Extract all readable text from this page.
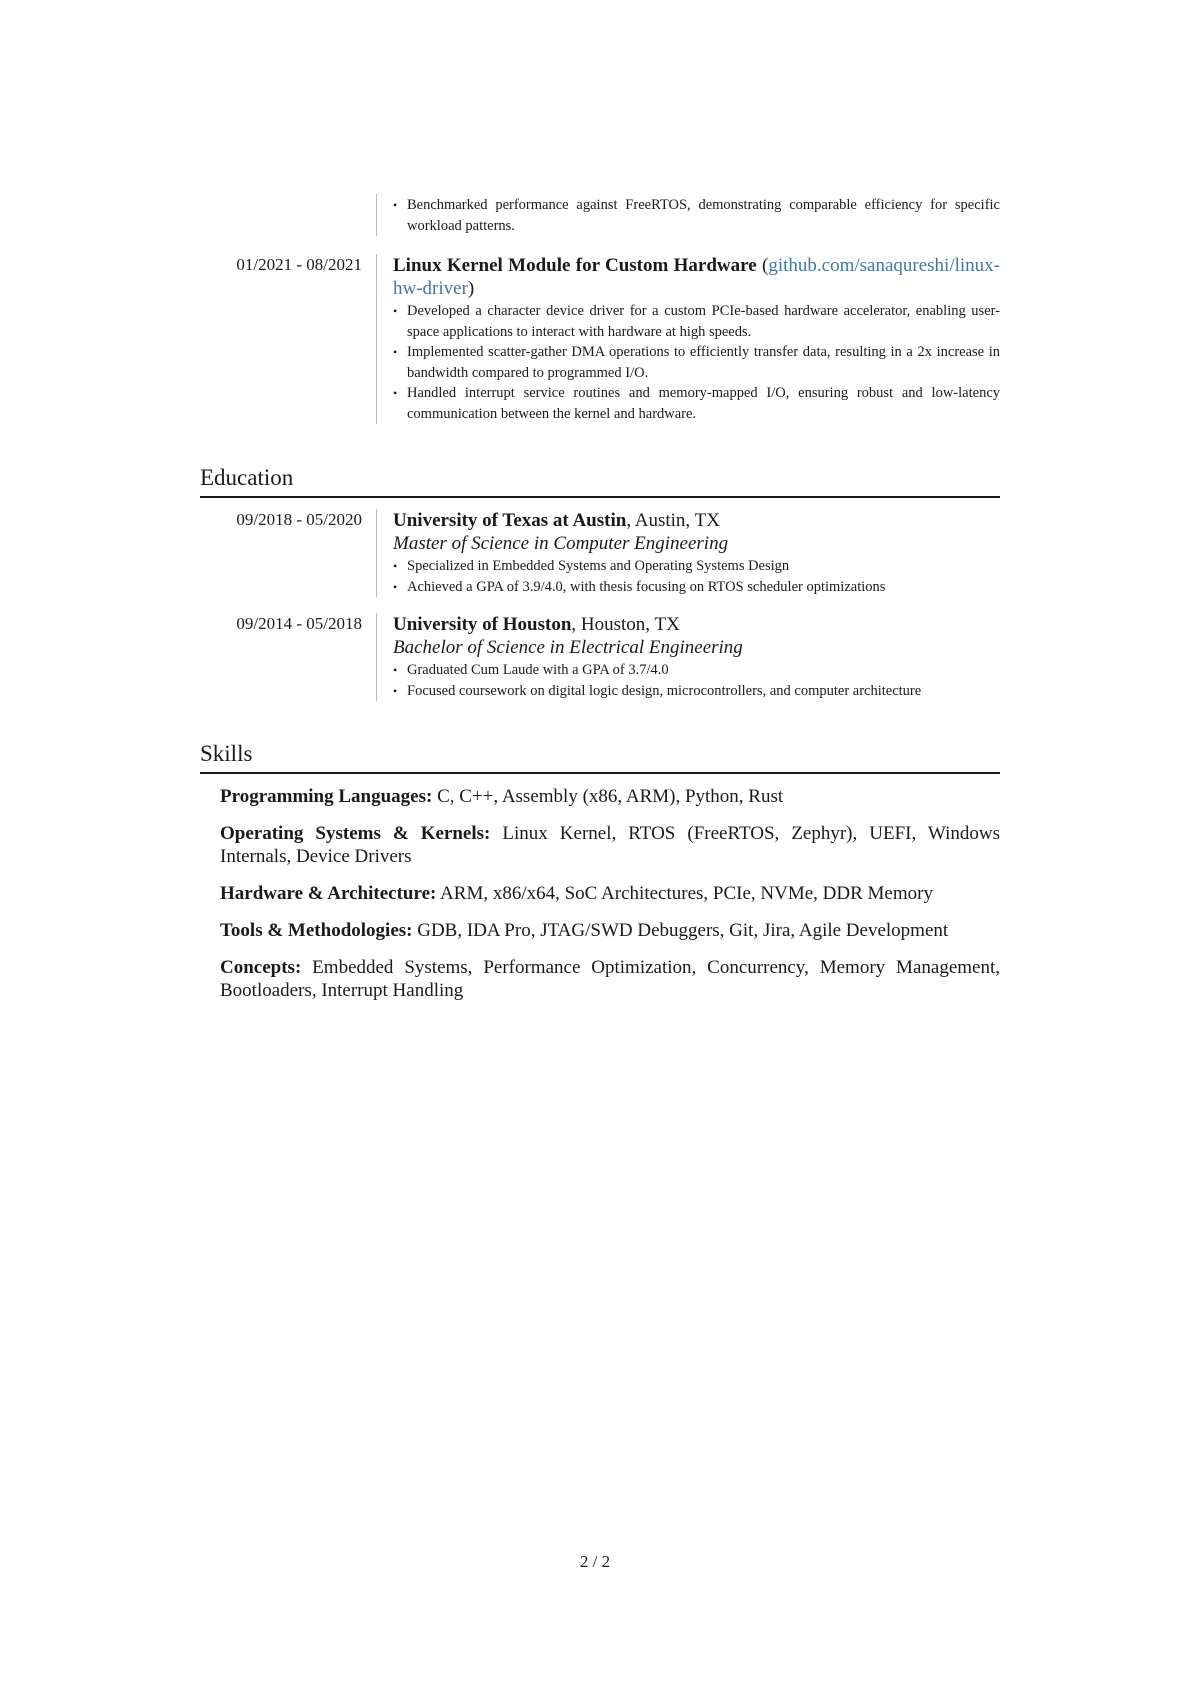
• Benchmarked performance against FreeRTOS, demonstrating comparable efficiency for specific workload patterns.
01/2021 - 08/2021	Linux Kernel Module for Custom Hardware (github.com/sanaqureshi/linux-hw-driver)
• Developed a character device driver for a custom PCIe-based hardware accelerator, enabling user-space applications to interact with hardware at high speeds.
• Implemented scatter-gather DMA operations to efficiently transfer data, resulting in a 2x increase in bandwidth compared to programmed I/O.
• Handled interrupt service routines and memory-mapped I/O, ensuring robust and low-latency communication between the kernel and hardware.
Education
09/2018 - 05/2020	University of Texas at Austin, Austin, TX
Master of Science in Computer Engineering
• Specialized in Embedded Systems and Operating Systems Design
• Achieved a GPA of 3.9/4.0, with thesis focusing on RTOS scheduler optimizations
09/2014 - 05/2018	University of Houston, Houston, TX
Bachelor of Science in Electrical Engineering
• Graduated Cum Laude with a GPA of 3.7/4.0
• Focused coursework on digital logic design, microcontrollers, and computer architecture
Skills
Programming Languages: C, C++, Assembly (x86, ARM), Python, Rust
Operating Systems & Kernels: Linux Kernel, RTOS (FreeRTOS, Zephyr), UEFI, Windows Internals, Device Drivers
Hardware & Architecture: ARM, x86/x64, SoC Architectures, PCIe, NVMe, DDR Memory
Tools & Methodologies: GDB, IDA Pro, JTAG/SWD Debuggers, Git, Jira, Agile Development
Concepts: Embedded Systems, Performance Optimization, Concurrency, Memory Management, Bootloaders, Interrupt Handling
2 / 2
